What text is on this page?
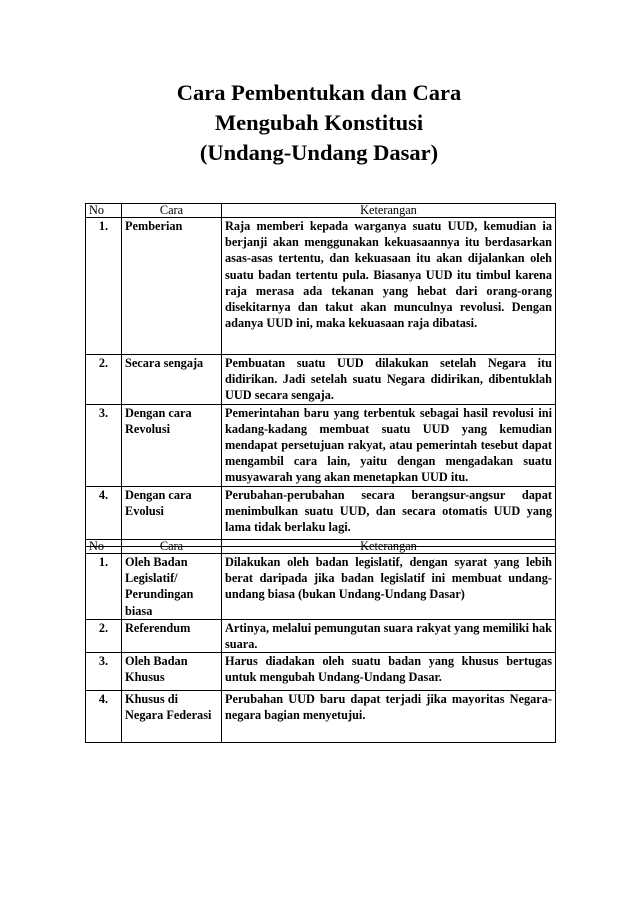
Cara Pembentukan dan Cara
Mengubah Konstitusi
(Undang-Undang Dasar)
No	Cara	Keterangan
1.	Pemberian	Raja memberi kepada warganya suatu UUD, kemudian ia berjanji akan menggunakan kekuasaannya itu berdasarkan asas-asas tertentu, dan kekuasaan itu akan dijalankan oleh suatu badan tertentu pula. Biasanya UUD itu timbul karena raja merasa ada tekanan yang hebat dari orang-orang disekitarnya dan takut akan munculnya revolusi. Dengan adanya UUD ini, maka kekuasaan raja dibatasi.
2.	Secara sengaja	Pembuatan suatu UUD dilakukan setelah Negara itu didirikan. Jadi setelah suatu Negara didirikan, dibentuklah UUD secara sengaja.
3.	Dengan cara Revolusi	Pemerintahan baru yang terbentuk sebagai hasil revolusi ini kadang-kadang membuat suatu UUD yang kemudian mendapat persetujuan rakyat, atau pemerintah tesebut dapat mengambil cara lain, yaitu dengan mengadakan suatu musyawarah yang akan menetapkan UUD itu.
4.	Dengan cara Evolusi	Perubahan-perubahan secara berangsur-angsur dapat menimbulkan suatu UUD, dan secara otomatis UUD yang lama tidak berlaku lagi.
No	Cara	Keterangan
1.	Oleh Badan Legislatif/ Perundingan biasa	Dilakukan oleh badan legislatif, dengan syarat yang lebih berat daripada jika badan legislatif ini membuat undang-undang biasa (bukan Undang-Undang Dasar)
2.	Referendum	Artinya, melalui pemungutan suara rakyat yang memiliki hak suara.
3.	Oleh Badan Khusus	Harus diadakan oleh suatu badan yang khusus bertugas untuk mengubah Undang-Undang Dasar.
4.	Khusus di Negara Federasi	Perubahan UUD baru dapat terjadi jika mayoritas Negara-negara bagian menyetujui.
